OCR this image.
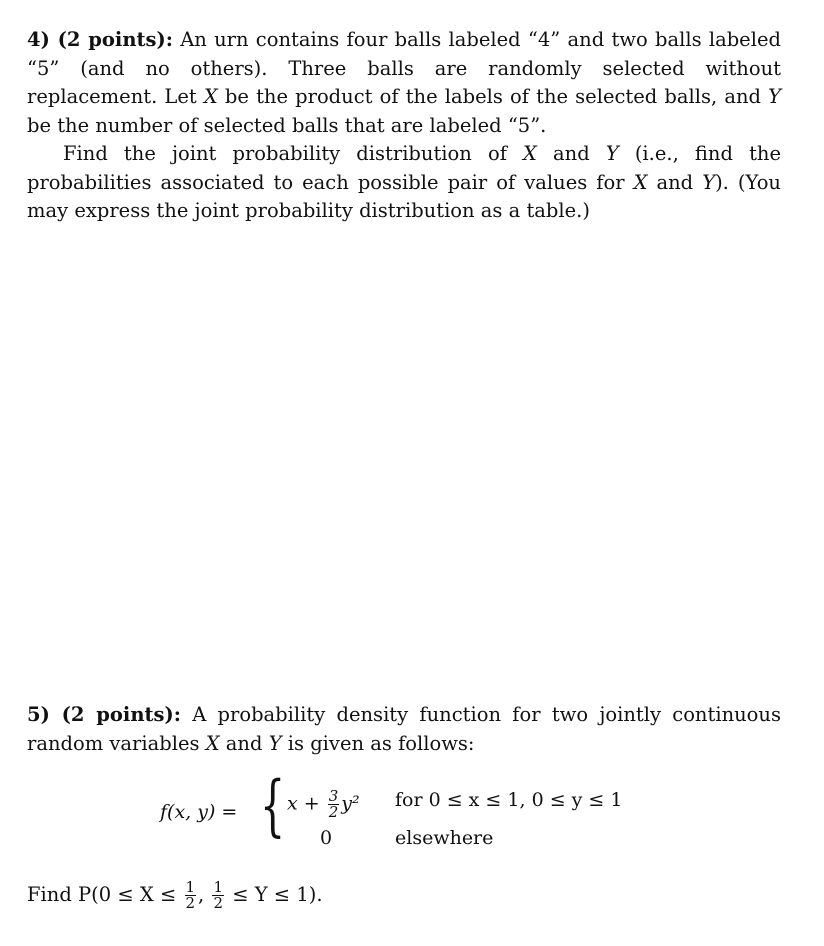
4) (2 points): An urn contains four balls labeled “4” and two balls labeled “5” (and no others). Three balls are randomly selected without replacement. Let X be the product of the labels of the selected balls, and Y be the number of selected balls that are labeled “5”.

Find the joint probability distribution of X and Y (i.e., find the probabilities associated to each possible pair of values for X and Y). (You may express the joint probability distribution as a table.)

5) (2 points): A probability density function for two jointly continuous random variables X and Y is given as follows:

f(x, y) = { $x + \frac{3}{2} y^2$
0
for 0 ≤ x ≤ 1, 0 ≤ y ≤ 1
elsewhere
Find $P(0 \le X \le \frac{1}{2}$ , $\frac{1}{2} \le Y \le 1$).
